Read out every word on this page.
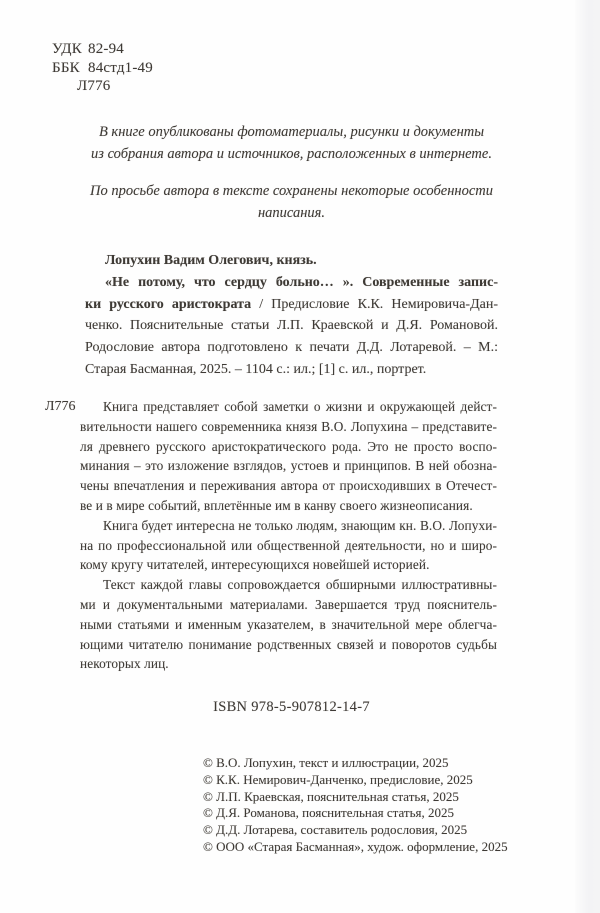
УДК 82-94
ББК 84стд1-49
Л776
В книге опубликованы фотоматериалы, рисунки и документы
из собрания автора и источников, расположенных в интернете.
По просьбе автора в тексте сохранены некоторые особенности
написания.
Лопухин Вадим Олегович, князь.
«Не потому, что сердцу больно… ». Современные запис-
ки русского аристократа / Предисловие К.К. Немировича-Дан-
ченко. Пояснительные статьи Л.П. Краевской и Д.Я. Романовой.
Родословие автора подготовлено к печати Д.Д. Лотаревой. – М.:
Старая Басманная, 2025. – 1104 с.: ил.; [1] с. ил., портрет.
Л776	Книга представляет собой заметки о жизни и окружающей дейст-
вительности нашего современника князя В.О. Лопухина – представите-
ля древнего русского аристократического рода. Это не просто воспо-
минания – это изложение взглядов, устоев и принципов. В ней обозна-
чены впечатления и переживания автора от происходивших в Отечест-
ве и в мире событий, вплетённые им в канву своего жизнеописания.
Книга будет интересна не только людям, знающим кн. В.О. Лопухи-
на по профессиональной или общественной деятельности, но и широ-
кому кругу читателей, интересующихся новейшей историей.
Текст каждой главы сопровождается обширными иллюстративны-
ми и документальными материалами. Завершается труд пояснитель-
ными статьями и именным указателем, в значительной мере облегча-
ющими читателю понимание родственных связей и поворотов судьбы
некоторых лиц.
ISBN 978-5-907812-14-7
© В.О. Лопухин, текст и иллюстрации, 2025
© К.К. Немирович-Данченко, предисловие, 2025
© Л.П. Краевская, пояснительная статья, 2025
© Д.Я. Романова, пояснительная статья, 2025
© Д.Д. Лотарева, составитель родословия, 2025
© ООО «Старая Басманная», худож. оформление, 2025
